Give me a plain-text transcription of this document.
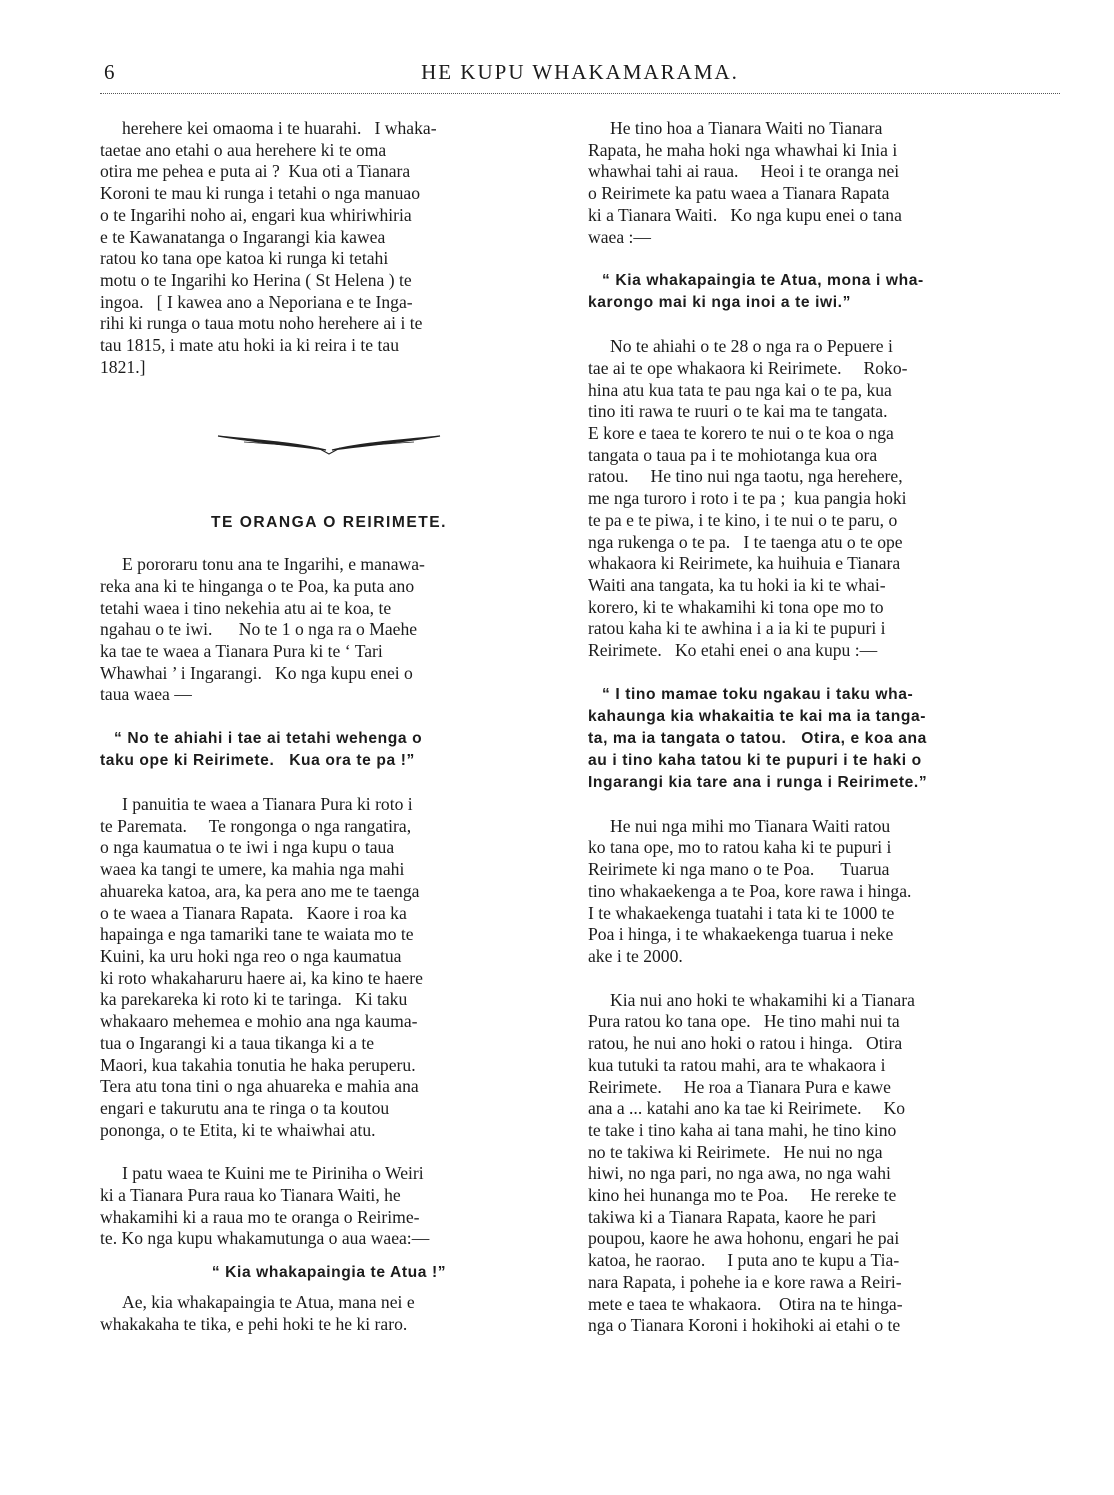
6	HE KUPU WHAKAMARAMA.

herehere kei omaoma i te huarahi.   I whaka-
taetae ano etahi o aua herehere ki te oma
otira me pehea e puta ai ?  Kua oti a Tianara
Koroni te mau ki runga i tetahi o nga manuao
o te Ingarihi noho ai, engari kua whiriwhiria
e te Kawanatanga o Ingarangi kia kawea
ratou ko tana ope katoa ki runga ki tetahi
motu o te Ingarihi ko Herina ( St Helena ) te
ingoa.   [ I kawea ano a Neporiana e te Inga-
rihi ki runga o taua motu noho herehere ai i te
tau 1815, i mate atu hoki ia ki reira i te tau
1821.]

TE ORANGA O REIRIMETE.

E pororaru tonu ana te Ingarihi, e manawa-
reka ana ki te hinganga o te Poa, ka puta ano
tetahi waea i tino nekehia atu ai te koa, te
ngahau o te iwi.      No te 1 o nga ra o Maehe
ka tae te waea a Tianara Pura ki te ‘ Tari
Whawhai ’ i Ingarangi.   Ko nga kupu enei o
taua waea —

“ No te ahiahi i tae ai tetahi wehenga o
taku ope ki Reirimete.   Kua ora te pa !”

I panuitia te waea a Tianara Pura ki roto i
te Paremata.     Te rongonga o nga rangatira,
o nga kaumatua o te iwi i nga kupu o taua
waea ka tangi te umere, ka mahia nga mahi
ahuareka katoa, ara, ka pera ano me te taenga
o te waea a Tianara Rapata.   Kaore i roa ka
hapainga e nga tamariki tane te waiata mo te
Kuini, ka uru hoki nga reo o nga kaumatua
ki roto whakaharuru haere ai, ka kino te haere
ka parekareka ki roto ki te taringa.   Ki taku
whakaaro mehemea e mohio ana nga kauma-
tua o Ingarangi ki a taua tikanga ki a te
Maori, kua takahia tonutia he haka peruperu.
Tera atu tona tini o nga ahuareka e mahia ana
engari e takurutu ana te ringa o ta koutou
pononga, o te Etita, ki te whaiwhai atu.

I patu waea te Kuini me te Piriniha o Weiri
ki a Tianara Pura raua ko Tianara Waiti, he
whakamihi ki a raua mo te oranga o Reirime-
te. Ko nga kupu whakamutunga o aua waea:—

“ Kia whakapaingia te Atua !”

Ae, kia whakapaingia te Atua, mana nei e
whakakaha te tika, e pehi hoki te he ki raro.

He tino hoa a Tianara Waiti no Tianara
Rapata, he maha hoki nga whawhai ki Inia i
whawhai tahi ai raua.     Heoi i te oranga nei
o Reirimete ka patu waea a Tianara Rapata
ki a Tianara Waiti.   Ko nga kupu enei o tana
waea :—

“ Kia whakapaingia te Atua, mona i wha-
karongo mai ki nga inoi a te iwi.”

No te ahiahi o te 28 o nga ra o Pepuere i
tae ai te ope whakaora ki Reirimete.     Roko-
hina atu kua tata te pau nga kai o te pa, kua
tino iti rawa te ruuri o te kai ma te tangata.
E kore e taea te korero te nui o te koa o nga
tangata o taua pa i te mohiotanga kua ora
ratou.     He tino nui nga taotu, nga herehere,
me nga turoro i roto i te pa ;  kua pangia hoki
te pa e te piwa, i te kino, i te nui o te paru, o
nga rukenga o te pa.   I te taenga atu o te ope
whakaora ki Reirimete, ka huihuia e Tianara
Waiti ana tangata, ka tu hoki ia ki te whai-
korero, ki te whakamihi ki tona ope mo to
ratou kaha ki te awhina i a ia ki te pupuri i
Reirimete.   Ko etahi enei o ana kupu :—

“ I tino mamae toku ngakau i taku wha-
kahaunga kia whakaitia te kai ma ia tanga-
ta, ma ia tangata o tatou.   Otira, e koa ana
au i tino kaha tatou ki te pupuri i te haki o
Ingarangi kia tare ana i runga i Reirimete.”

He nui nga mihi mo Tianara Waiti ratou
ko tana ope, mo to ratou kaha ki te pupuri i
Reirimete ki nga mano o te Poa.      Tuarua
tino whakaekenga a te Poa, kore rawa i hinga.
I te whakaekenga tuatahi i tata ki te 1000 te
Poa i hinga, i te whakaekenga tuarua i neke
ake i te 2000.

Kia nui ano hoki te whakamihi ki a Tianara
Pura ratou ko tana ope.   He tino mahi nui ta
ratou, he nui ano hoki o ratou i hinga.   Otira
kua tutuki ta ratou mahi, ara te whakaora i
Reirimete.     He roa a Tianara Pura e kawe
ana a ... katahi ano ka tae ki Reirimete.     Ko
te take i tino kaha ai tana mahi, he tino kino
no te takiwa ki Reirimete.   He nui no nga
hiwi, no nga pari, no nga awa, no nga wahi
kino hei hunanga mo te Poa.     He rereke te
takiwa ki a Tianara Rapata, kaore he pari
poupou, kaore he awa hohonu, engari he pai
katoa, he raorao.     I puta ano te kupu a Tia-
nara Rapata, i pohehe ia e kore rawa a Reiri-
mete e taea te whakaora.    Otira na te hinga-
nga o Tianara Koroni i hokihoki ai etahi o te
